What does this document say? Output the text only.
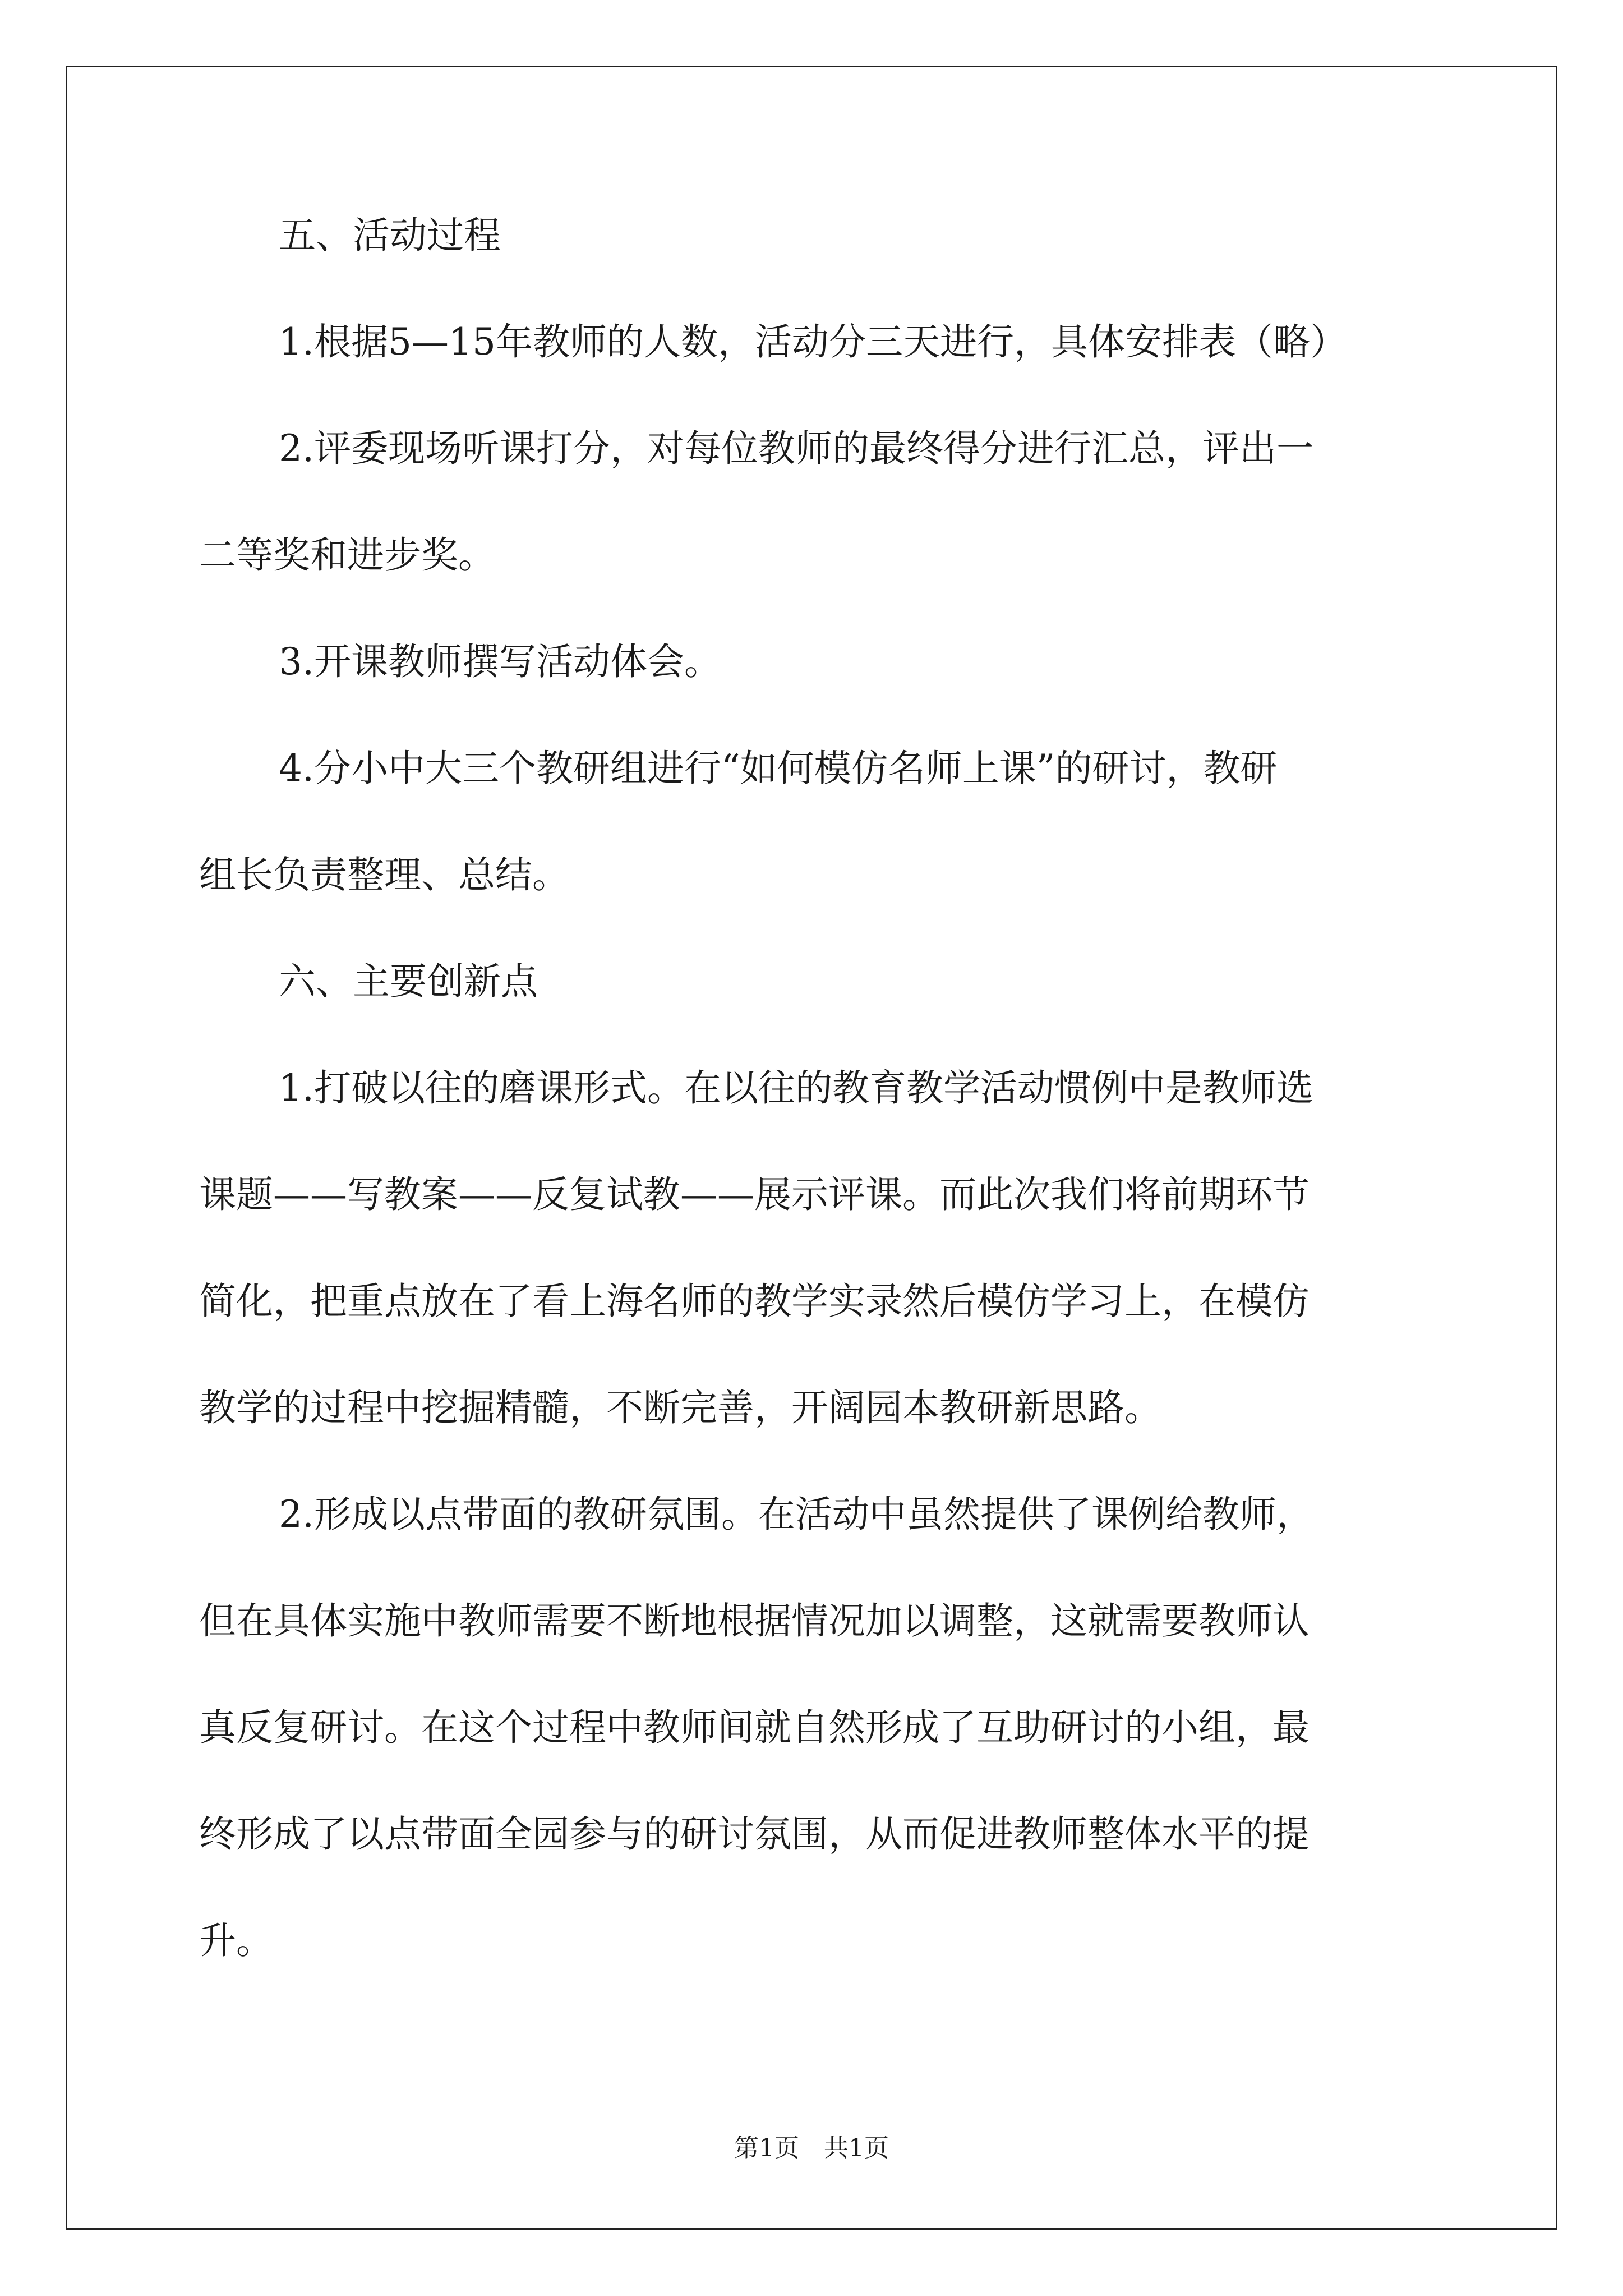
五、活动过程
1.根据5—15年教师的人数，活动分三天进行，具体安排表（略）
2.评委现场听课打分，对每位教师的最终得分进行汇总，评出一
二等奖和进步奖。
3.开课教师撰写活动体会。
4.分小中大三个教研组进行“如何模仿名师上课”的研讨，教研
组长负责整理、总结。
六、主要创新点
1.打破以往的磨课形式。在以往的教育教学活动惯例中是教师选
课题——写教案——反复试教——展示评课。而此次我们将前期环节
简化，把重点放在了看上海名师的教学实录然后模仿学习上，在模仿
教学的过程中挖掘精髓，不断完善，开阔园本教研新思路。
2.形成以点带面的教研氛围。在活动中虽然提供了课例给教师，
但在具体实施中教师需要不断地根据情况加以调整，这就需要教师认
真反复研讨。在这个过程中教师间就自然形成了互助研讨的小组，最
终形成了以点带面全园参与的研讨氛围，从而促进教师整体水平的提
升。
第1页　共1页
